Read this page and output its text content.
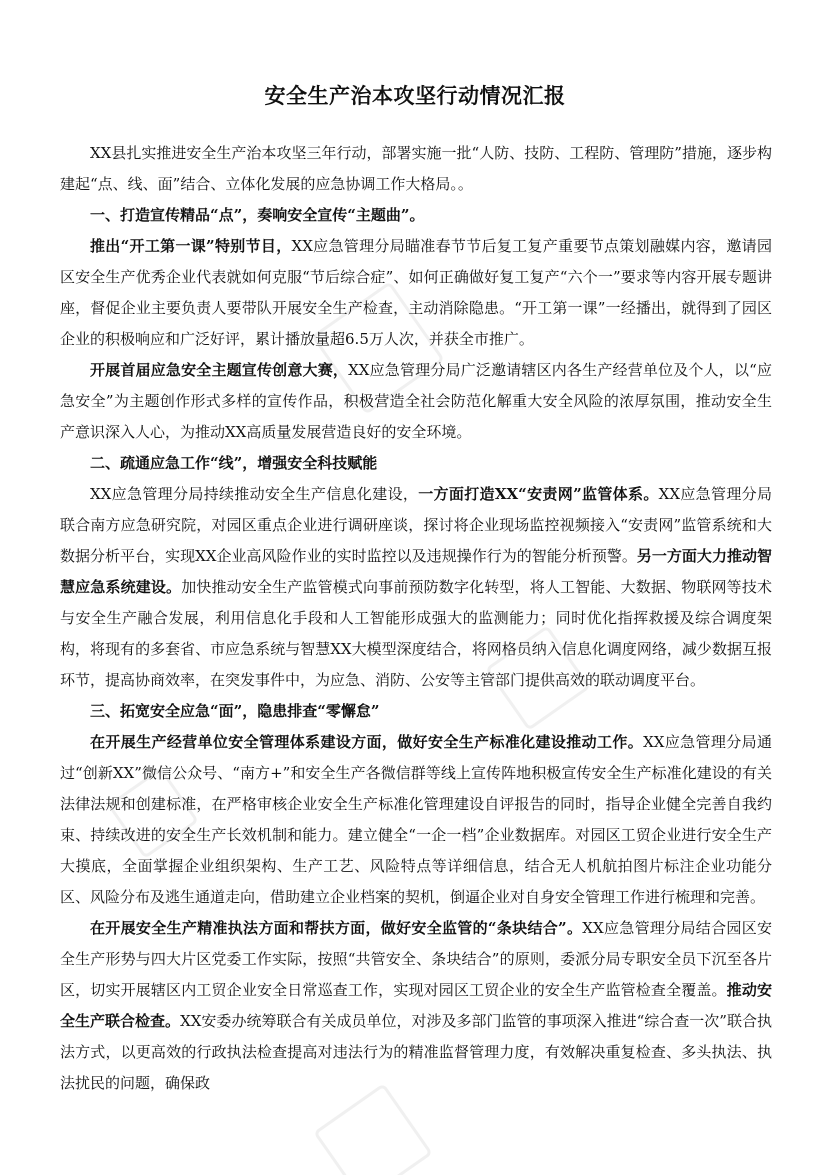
安全生产治本攻坚行动情况汇报

XX县扎实推进安全生产治本攻坚三年行动，部署实施一批“人防、技防、工程防、管理防”措施，逐步构建起“点、线、面”结合、立体化发展的应急协调工作大格局。。

一、打造宣传精品“点”，奏响安全宣传“主题曲”。

推出“开工第一课”特别节目，XX应急管理分局瞄准春节节后复工复产重要节点策划融媒内容，邀请园区安全生产优秀企业代表就如何克服“节后综合症”、如何正确做好复工复产“六个一”要求等内容开展专题讲座，督促企业主要负责人要带队开展安全生产检查，主动消除隐患。“开工第一课”一经播出，就得到了园区企业的积极响应和广泛好评，累计播放量超6.5万人次，并获全市推广。

开展首届应急安全主题宣传创意大赛，XX应急管理分局广泛邀请辖区内各生产经营单位及个人，以“应急安全”为主题创作形式多样的宣传作品，积极营造全社会防范化解重大安全风险的浓厚氛围，推动安全生产意识深入人心，为推动XX高质量发展营造良好的安全环境。

二、疏通应急工作“线”，增强安全科技赋能

XX应急管理分局持续推动安全生产信息化建设，一方面打造XX“安责网”监管体系。XX应急管理分局联合南方应急研究院，对园区重点企业进行调研座谈，探讨将企业现场监控视频接入“安责网”监管系统和大数据分析平台，实现XX企业高风险作业的实时监控以及违规操作行为的智能分析预警。另一方面大力推动智慧应急系统建设。加快推动安全生产监管模式向事前预防数字化转型，将人工智能、大数据、物联网等技术与安全生产融合发展，利用信息化手段和人工智能形成强大的监测能力；同时优化指挥救援及综合调度架构，将现有的多套省、市应急系统与智慧XX大模型深度结合，将网格员纳入信息化调度网络，减少数据互报环节，提高协商效率，在突发事件中，为应急、消防、公安等主管部门提供高效的联动调度平台。

三、拓宽安全应急“面”，隐患排查“零懈怠”

在开展生产经营单位安全管理体系建设方面，做好安全生产标准化建设推动工作。XX应急管理分局通过“创新XX”微信公众号、“南方+”和安全生产各微信群等线上宣传阵地积极宣传安全生产标准化建设的有关法律法规和创建标准，在严格审核企业安全生产标准化管理建设自评报告的同时，指导企业健全完善自我约束、持续改进的安全生产长效机制和能力。建立健全“一企一档”企业数据库。对园区工贸企业进行安全生产大摸底，全面掌握企业组织架构、生产工艺、风险特点等详细信息，结合无人机航拍图片标注企业功能分区、风险分布及逃生通道走向，借助建立企业档案的契机，倒逼企业对自身安全管理工作进行梳理和完善。

在开展安全生产精准执法方面和帮扶方面，做好安全监管的“条块结合”。XX应急管理分局结合园区安全生产形势与四大片区党委工作实际，按照“共管安全、条块结合”的原则，委派分局专职安全员下沉至各片区，切实开展辖区内工贸企业安全日常巡查工作，实现对园区工贸企业的安全生产监管检查全覆盖。推动安全生产联合检查。XX安委办统筹联合有关成员单位，对涉及多部门监管的事项深入推进“综合查一次”联合执法方式，以更高效的行政执法检查提高对违法行为的精准监督管理力度，有效解决重复检查、多头执法、执法扰民的问题，确保政
